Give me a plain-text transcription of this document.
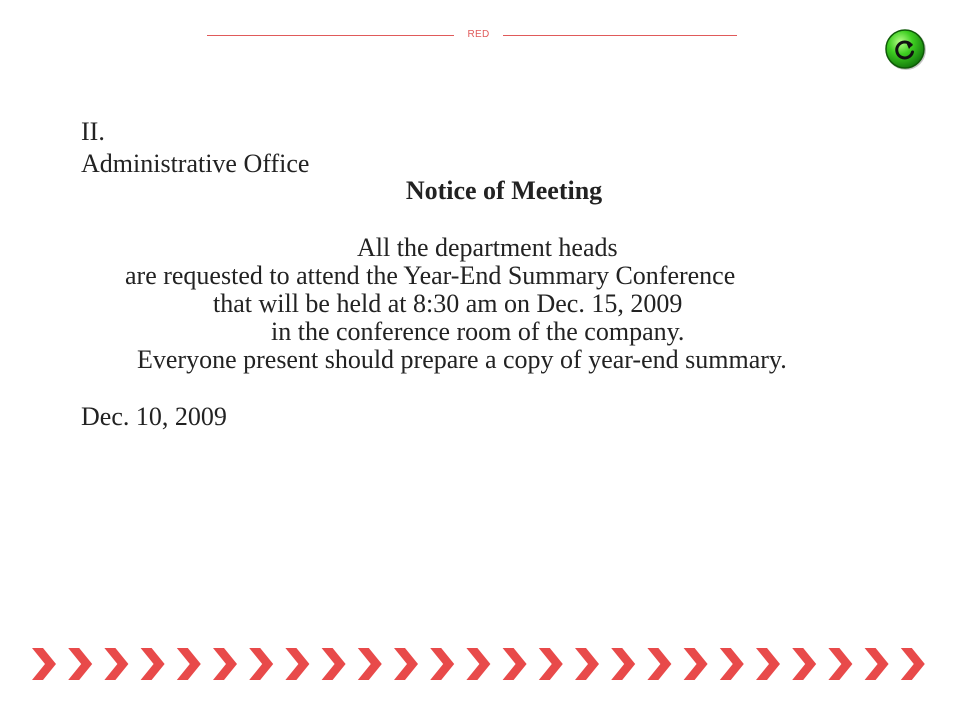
RED
II.
Administrative Office
Notice of Meeting
All the department heads
are requested to attend the Year-End Summary Conference
that will be held at 8:30 am on Dec. 15, 2009
in the conference room of the company.
Everyone present should prepare a copy of year-end summary.
Dec. 10, 2009
